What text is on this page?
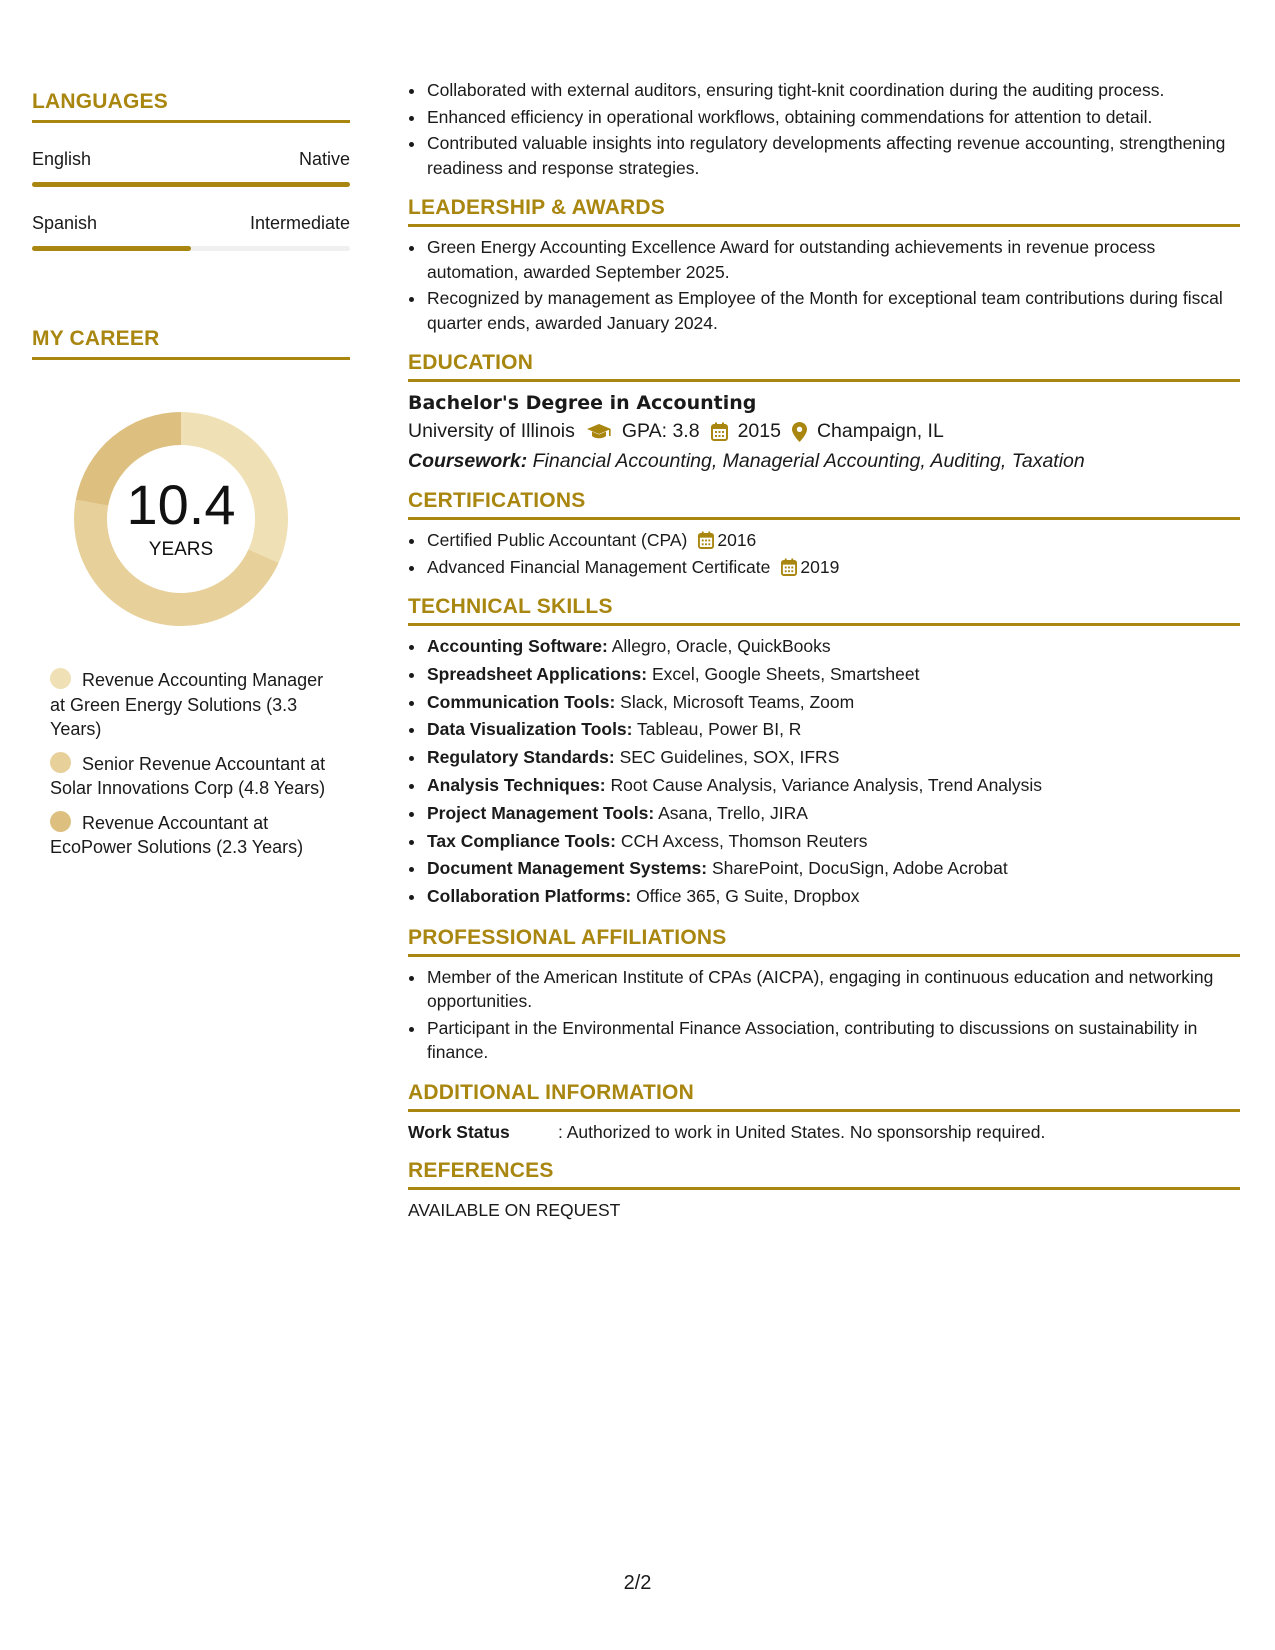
LANGUAGES
English	Native
Spanish	Intermediate
MY CAREER
10.4
YEARS
Revenue Accounting Manager at Green Energy Solutions (3.3 Years)
Senior Revenue Accountant at Solar Innovations Corp (4.8 Years)
Revenue Accountant at EcoPower Solutions (2.3 Years)
• Collaborated with external auditors, ensuring tight-knit coordination during the auditing process.
• Enhanced efficiency in operational workflows, obtaining commendations for attention to detail.
• Contributed valuable insights into regulatory developments affecting revenue accounting, strengthening readiness and response strategies.
LEADERSHIP & AWARDS
• Green Energy Accounting Excellence Award for outstanding achievements in revenue process automation, awarded September 2025.
• Recognized by management as Employee of the Month for exceptional team contributions during fiscal quarter ends, awarded January 2024.
EDUCATION
Bachelor's Degree in Accounting
University of Illinois GPA: 3.8 2015 Champaign, IL
Coursework: Financial Accounting, Managerial Accounting, Auditing, Taxation
CERTIFICATIONS
• Certified Public Accountant (CPA) 2016
• Advanced Financial Management Certificate 2019
TECHNICAL SKILLS
• Accounting Software: Allegro, Oracle, QuickBooks
• Spreadsheet Applications: Excel, Google Sheets, Smartsheet
• Communication Tools: Slack, Microsoft Teams, Zoom
• Data Visualization Tools: Tableau, Power BI, R
• Regulatory Standards: SEC Guidelines, SOX, IFRS
• Analysis Techniques: Root Cause Analysis, Variance Analysis, Trend Analysis
• Project Management Tools: Asana, Trello, JIRA
• Tax Compliance Tools: CCH Axcess, Thomson Reuters
• Document Management Systems: SharePoint, DocuSign, Adobe Acrobat
• Collaboration Platforms: Office 365, G Suite, Dropbox
PROFESSIONAL AFFILIATIONS
• Member of the American Institute of CPAs (AICPA), engaging in continuous education and networking opportunities.
• Participant in the Environmental Finance Association, contributing to discussions on sustainability in finance.
ADDITIONAL INFORMATION
Work Status	: Authorized to work in United States. No sponsorship required.
REFERENCES
AVAILABLE ON REQUEST
2/2
